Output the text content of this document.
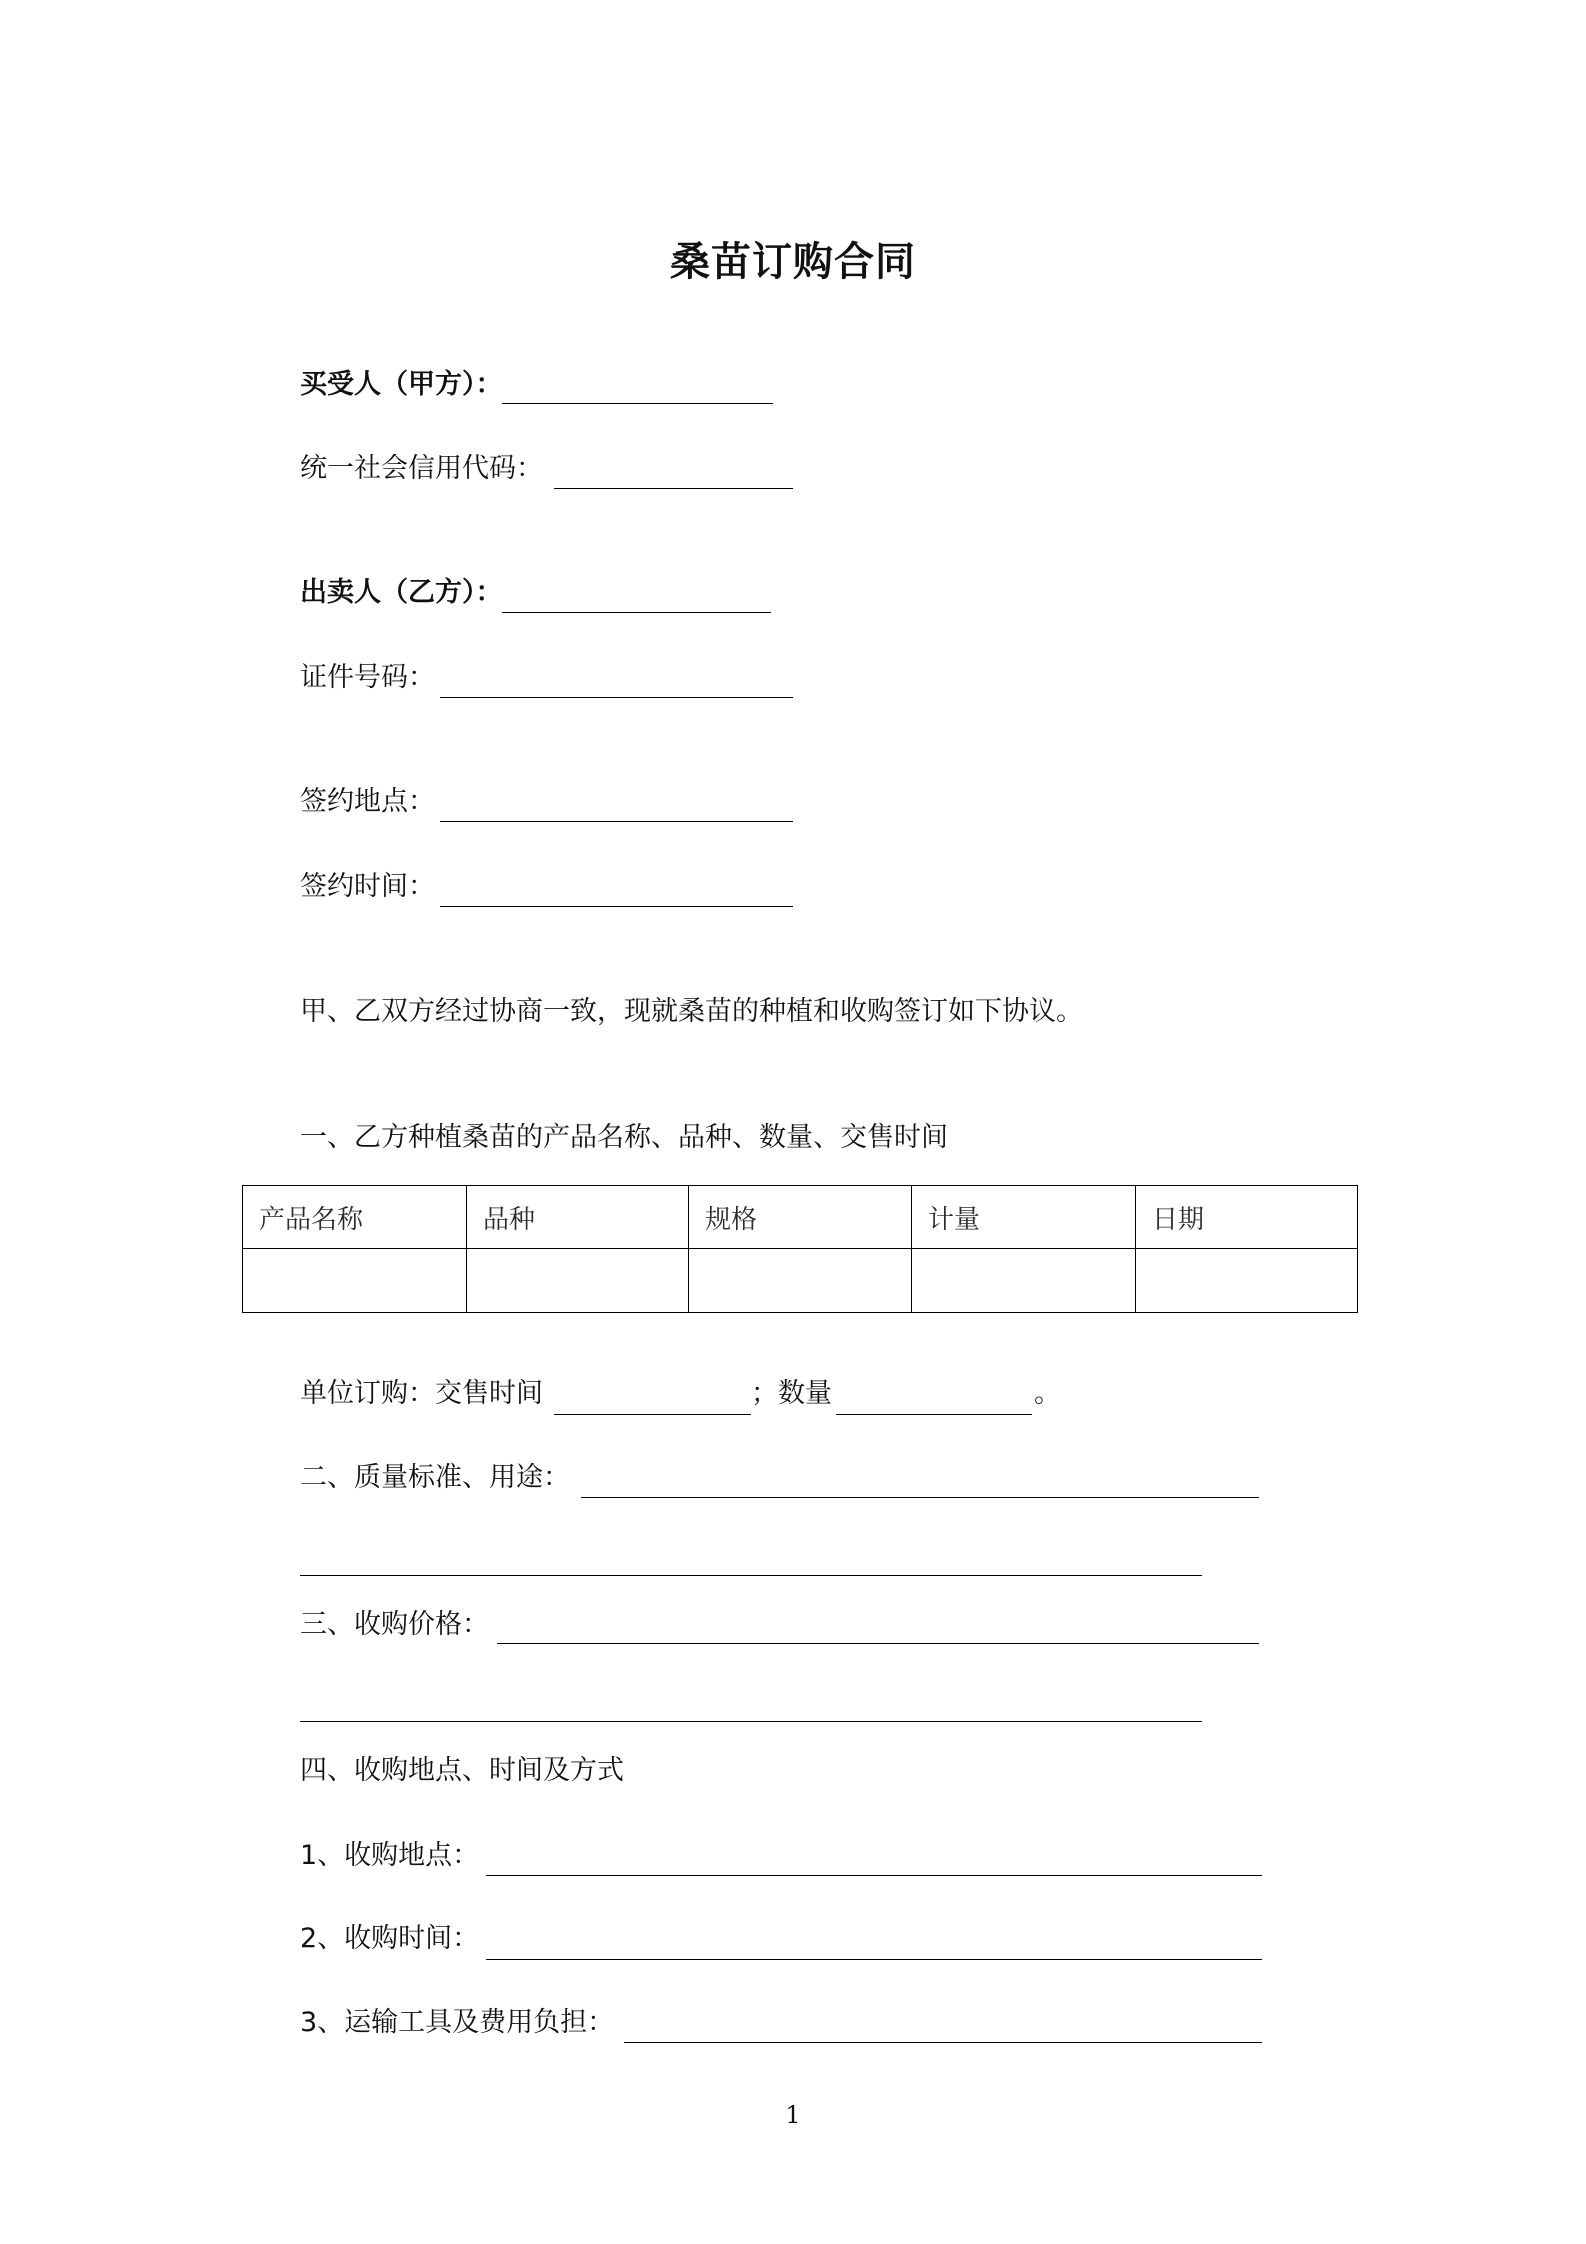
桑苗订购合同
买受人（甲方）：
统一社会信用代码：
出卖人（乙方）：
证件号码：
签约地点：
签约时间：
甲、乙双方经过协商一致，现就桑苗的种植和收购签订如下协议。
一、乙方种植桑苗的产品名称、品种、数量、交售时间
产品名称	品种	规格	计量	日期

单位订购：交售时间	；数量	。
二、质量标准、用途：
三、收购价格：
四、收购地点、时间及方式
1、收购地点：
2、收购时间：
3、运输工具及费用负担：
1
